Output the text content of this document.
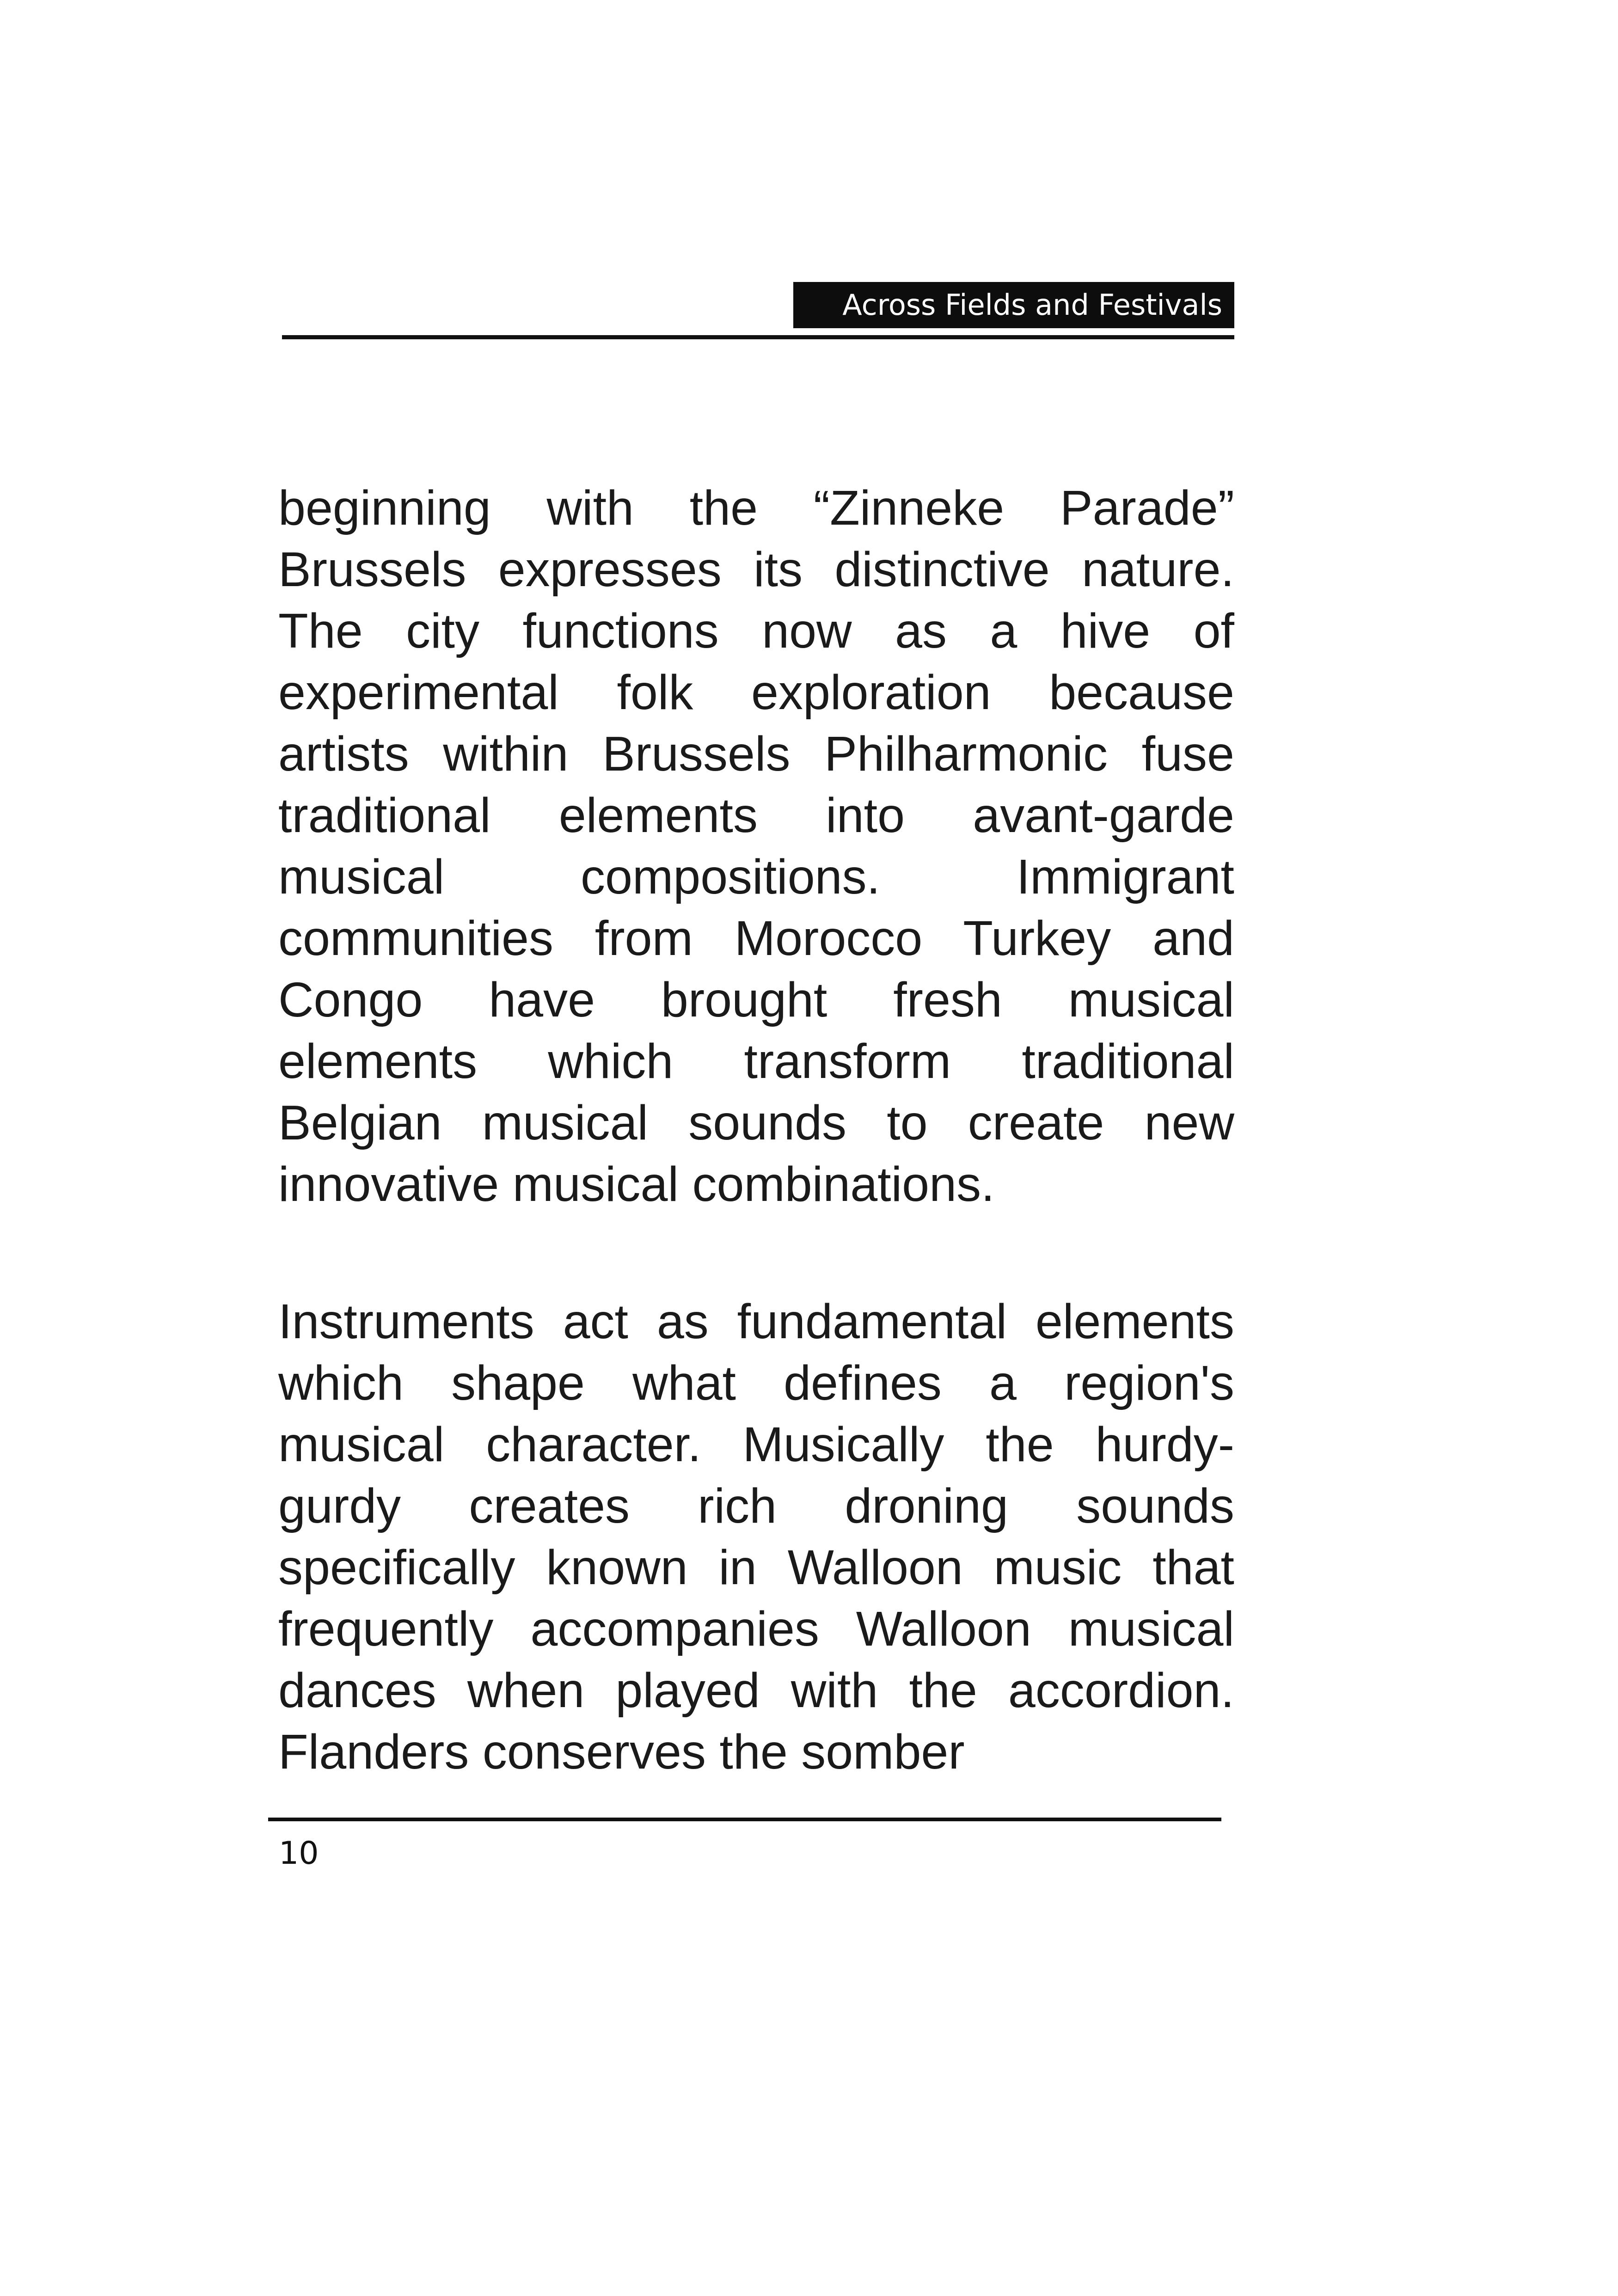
Across Fields and Festivals

beginning with the “Zinneke Parade” Brussels expresses its distinctive nature. The city functions now as a hive of experimental folk exploration because artists within Brussels Philharmonic fuse traditional elements into avant-garde musical compositions. Immigrant communities from Morocco Turkey and Congo have brought fresh musical elements which transform traditional Belgian musical sounds to create new innovative musical combinations.

Instruments act as fundamental elements which shape what defines a region's musical character. Musically the hurdy-gurdy creates rich droning sounds specifically known in Walloon music that frequently accompanies Walloon musical dances when played with the accordion. Flanders conserves the somber

10
